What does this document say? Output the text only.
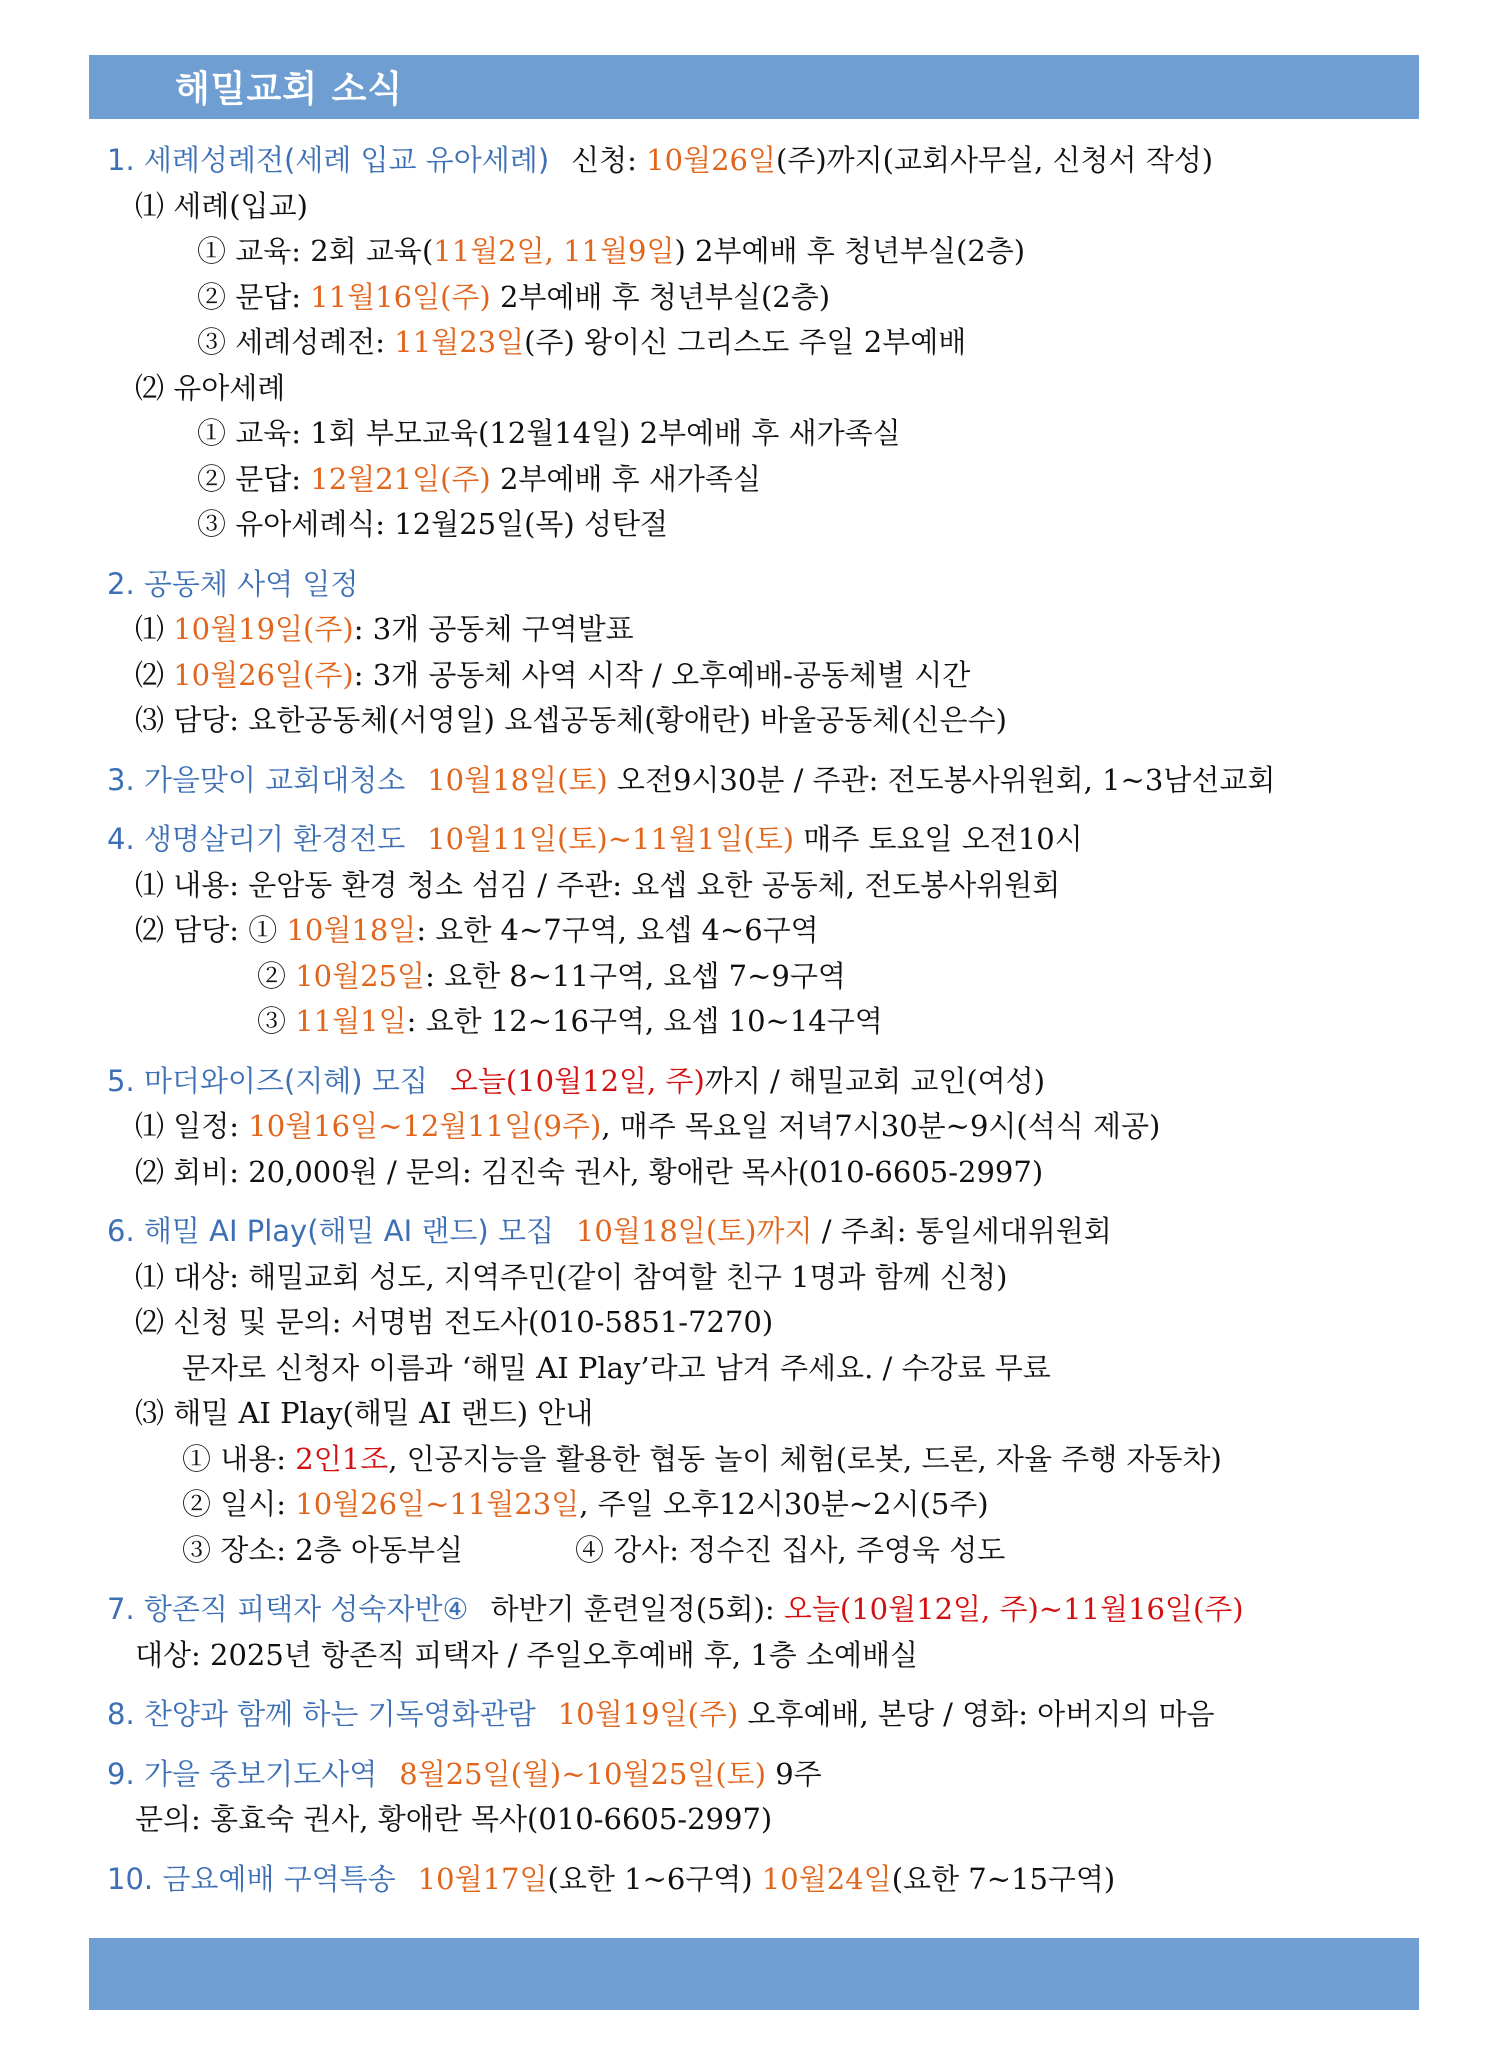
해밀교회 소식
1. 세례성례전(세례 입교 유아세례) 신청: 10월26일(주)까지(교회사무실, 신청서 작성)
⑴ 세례(입교)
① 교육: 2회 교육(11월2일, 11월9일) 2부예배 후 청년부실(2층)
② 문답: 11월16일(주) 2부예배 후 청년부실(2층)
③ 세례성례전: 11월23일(주) 왕이신 그리스도 주일 2부예배
⑵ 유아세례
① 교육: 1회 부모교육(12월14일) 2부예배 후 새가족실
② 문답: 12월21일(주) 2부예배 후 새가족실
③ 유아세례식: 12월25일(목) 성탄절
2. 공동체 사역 일정
⑴ 10월19일(주): 3개 공동체 구역발표
⑵ 10월26일(주): 3개 공동체 사역 시작 / 오후예배-공동체별 시간
⑶ 담당: 요한공동체(서영일) 요셉공동체(황애란) 바울공동체(신은수)
3. 가을맞이 교회대청소 10월18일(토) 오전9시30분 / 주관: 전도봉사위원회, 1~3남선교회
4. 생명살리기 환경전도 10월11일(토)~11월1일(토) 매주 토요일 오전10시
⑴ 내용: 운암동 환경 청소 섬김 / 주관: 요셉 요한 공동체, 전도봉사위원회
⑵ 담당: ① 10월18일: 요한 4~7구역, 요셉 4~6구역
② 10월25일: 요한 8~11구역, 요셉 7~9구역
③ 11월1일: 요한 12~16구역, 요셉 10~14구역
5. 마더와이즈(지혜) 모집 오늘(10월12일, 주)까지 / 해밀교회 교인(여성)
⑴ 일정: 10월16일~12월11일(9주), 매주 목요일 저녁7시30분~9시(석식 제공)
⑵ 회비: 20,000원 / 문의: 김진숙 권사, 황애란 목사(010-6605-2997)
6. 해밀 AI Play(해밀 AI 랜드) 모집 10월18일(토)까지 / 주최: 통일세대위원회
⑴ 대상: 해밀교회 성도, 지역주민(같이 참여할 친구 1명과 함께 신청)
⑵ 신청 및 문의: 서명범 전도사(010-5851-7270)
문자로 신청자 이름과 ‘해밀 AI Play’라고 남겨 주세요. / 수강료 무료
⑶ 해밀 AI Play(해밀 AI 랜드) 안내
① 내용: 2인1조, 인공지능을 활용한 협동 놀이 체험(로봇, 드론, 자율 주행 자동차)
② 일시: 10월26일~11월23일, 주일 오후12시30분~2시(5주)
③ 장소: 2층 아동부실	④ 강사: 정수진 집사, 주영욱 성도
7. 항존직 피택자 성숙자반④ 하반기 훈련일정(5회): 오늘(10월12일, 주)~11월16일(주)
대상: 2025년 항존직 피택자 / 주일오후예배 후, 1층 소예배실
8. 찬양과 함께 하는 기독영화관람 10월19일(주) 오후예배, 본당 / 영화: 아버지의 마음
9. 가을 중보기도사역 8월25일(월)~10월25일(토) 9주
문의: 홍효숙 권사, 황애란 목사(010-6605-2997)
10. 금요예배 구역특송 10월17일(요한 1~6구역) 10월24일(요한 7~15구역)
